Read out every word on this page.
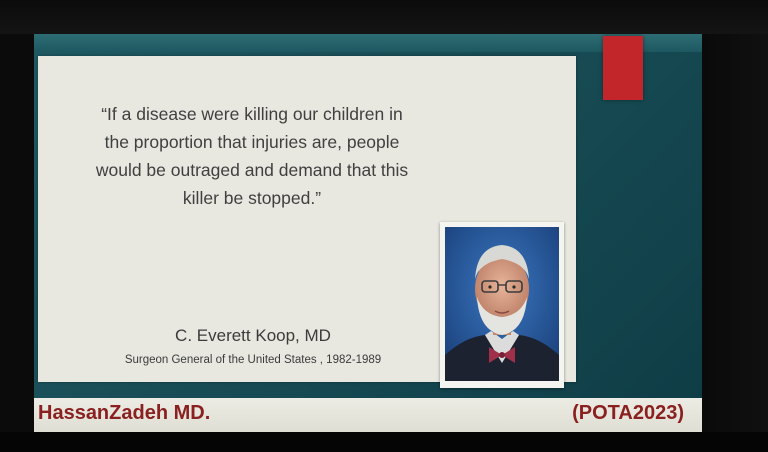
“If a disease were killing our children in
the proportion that injuries are, people
would be outraged and demand that this
killer be stopped.”
C. Everett Koop, MD
Surgeon General of the United States , 1982-1989
HassanZadeh MD.	(POTA2023)
